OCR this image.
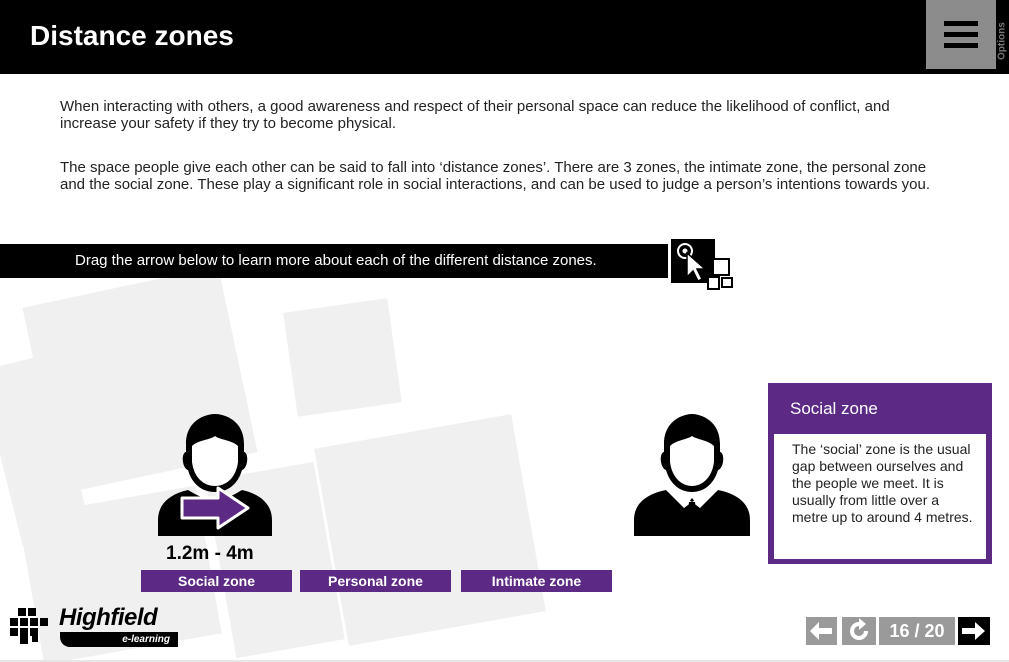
Distance zones	Options

When interacting with others, a good awareness and respect of their personal space can reduce the likelihood of conflict, and increase your safety if they try to become physical.

The space people give each other can be said to fall into ‘distance zones’. There are 3 zones, the intimate zone, the personal zone and the social zone. These play a significant role in social interactions, and can be used to judge a person’s intentions towards you.

Drag the arrow below to learn more about each of the different distance zones.
1.2m - 4m
Social zone	Personal zone	Intimate zone
Social zone
The ‘social’ zone is the usual gap between ourselves and the people we meet. It is usually from little over a metre up to around 4 metres.
Highfield
e-learning	16 / 20
